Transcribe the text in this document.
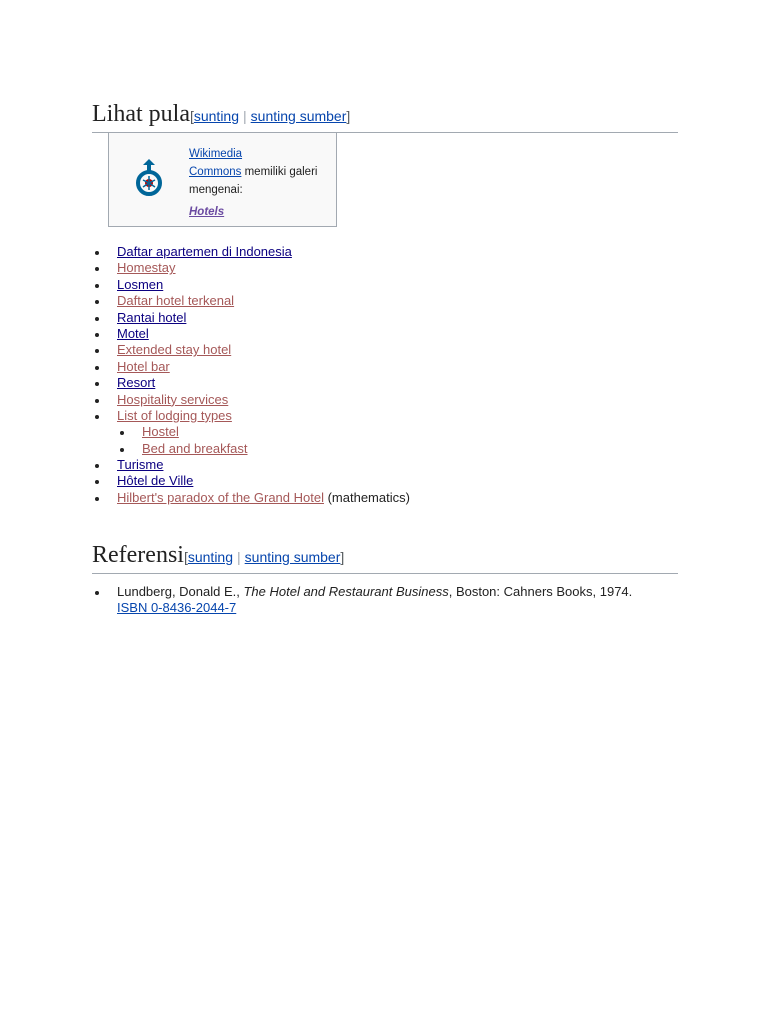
Lihat pula[sunting | sunting sumber]
Wikimedia
Commons memiliki galeri mengenai:
Hotels
Daftar apartemen di Indonesia
Homestay
Losmen
Daftar hotel terkenal
Rantai hotel
Motel
Extended stay hotel
Hotel bar
Resort
Hospitality services
List of lodging types
Hostel
Bed and breakfast
Turisme
Hôtel de Ville
Hilbert's paradox of the Grand Hotel (mathematics)
Referensi[sunting | sunting sumber]
Lundberg, Donald E., The Hotel and Restaurant Business, Boston: Cahners Books, 1974. ISBN 0-8436-2044-7
